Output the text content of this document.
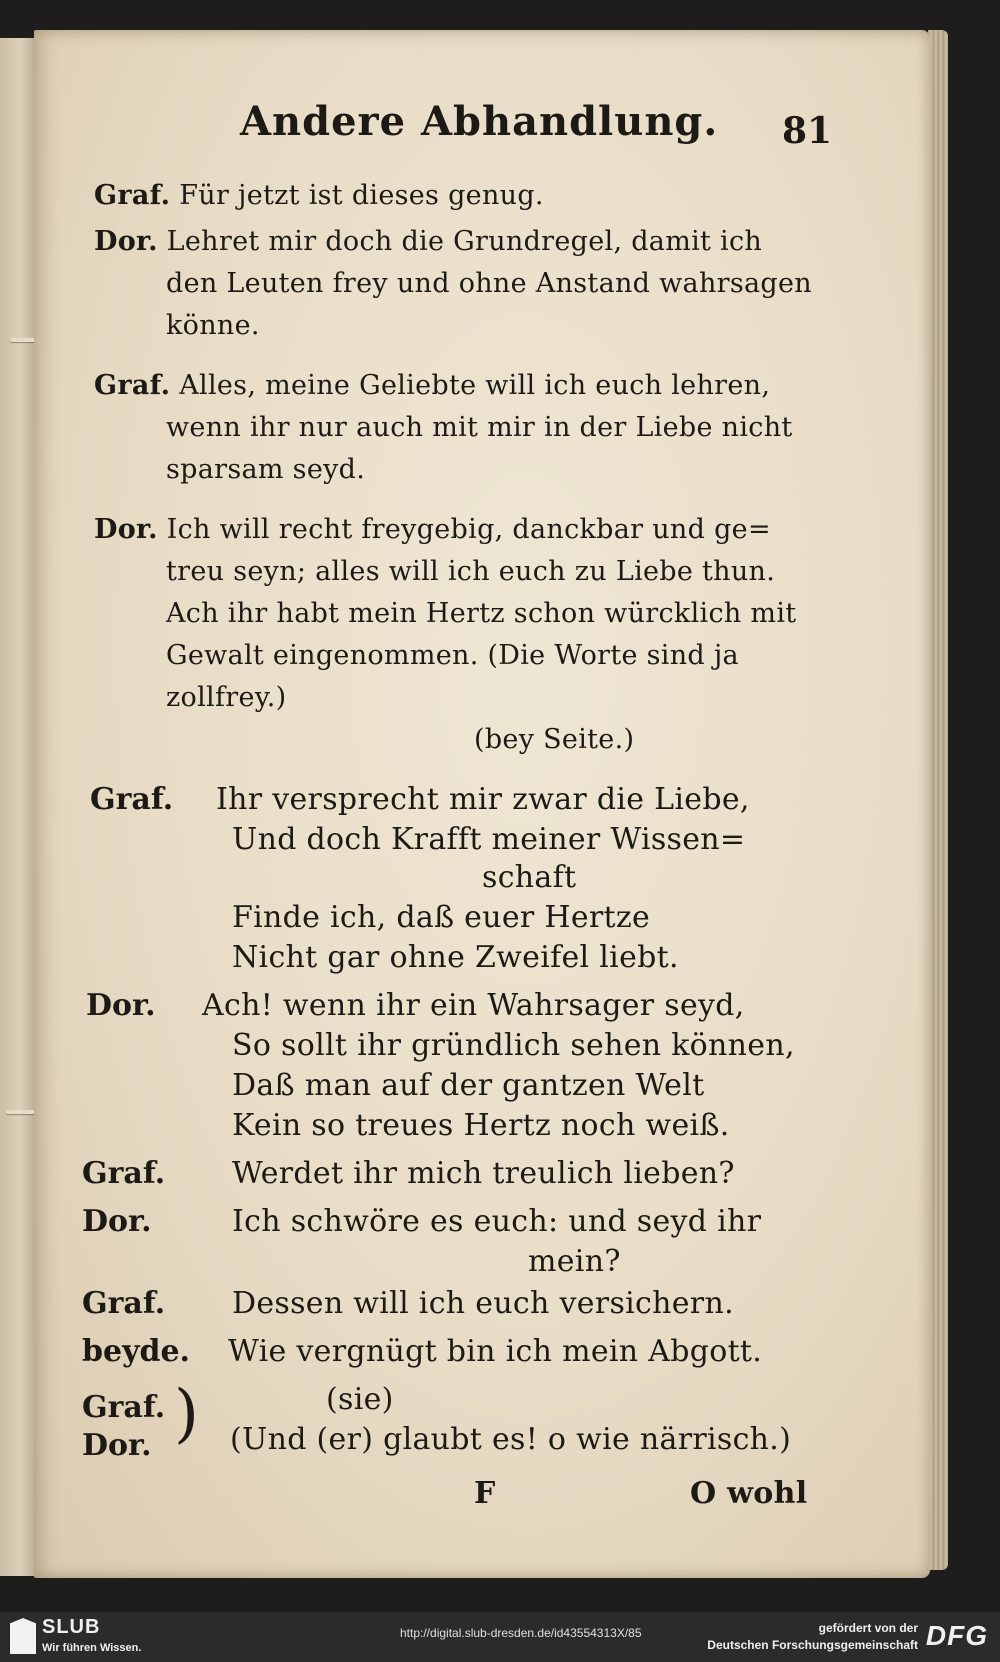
Andere Abhandlung. 81
Graf. Für jetzt ist dieses genug.
Dor. Lehret mir doch die Grundregel, damit ich
den Leuten frey und ohne Anstand wahrsagen
könne.
Graf. Alles, meine Geliebte will ich euch lehren,
wenn ihr nur auch mit mir in der Liebe nicht
sparsam seyd.
Dor. Ich will recht freygebig, danckbar und ge=
treu seyn; alles will ich euch zu Liebe thun.
Ach ihr habt mein Hertz schon würcklich mit
Gewalt eingenommen. (Die Worte sind ja
zollfrey.)
(bey Seite.)
Graf. Ihr versprecht mir zwar die Liebe,
Und doch Krafft meiner Wissen=
schaft
Finde ich, daß euer Hertze
Nicht gar ohne Zweifel liebt.
Dor. Ach! wenn ihr ein Wahrsager seyd,
So sollt ihr gründlich sehen können,
Daß man auf der gantzen Welt
Kein so treues Hertz noch weiß.
Graf. Werdet ihr mich treulich lieben?
Dor.	Ich schwöre es euch: und seyd ihr
mein?
Graf. Dessen will ich euch versichern.
beyde. Wie vergnügt bin ich mein Abgott.
Graf.	(sie)
Dor.	(Und (er) glaubt es! o wie närrisch.)
)
F	O wohl
SLUB
Wir führen Wissen.
http://digital.slub-dresden.de/id43554313X/85	gefördert von der
Deutschen Forschungsgemeinschaft DFG
